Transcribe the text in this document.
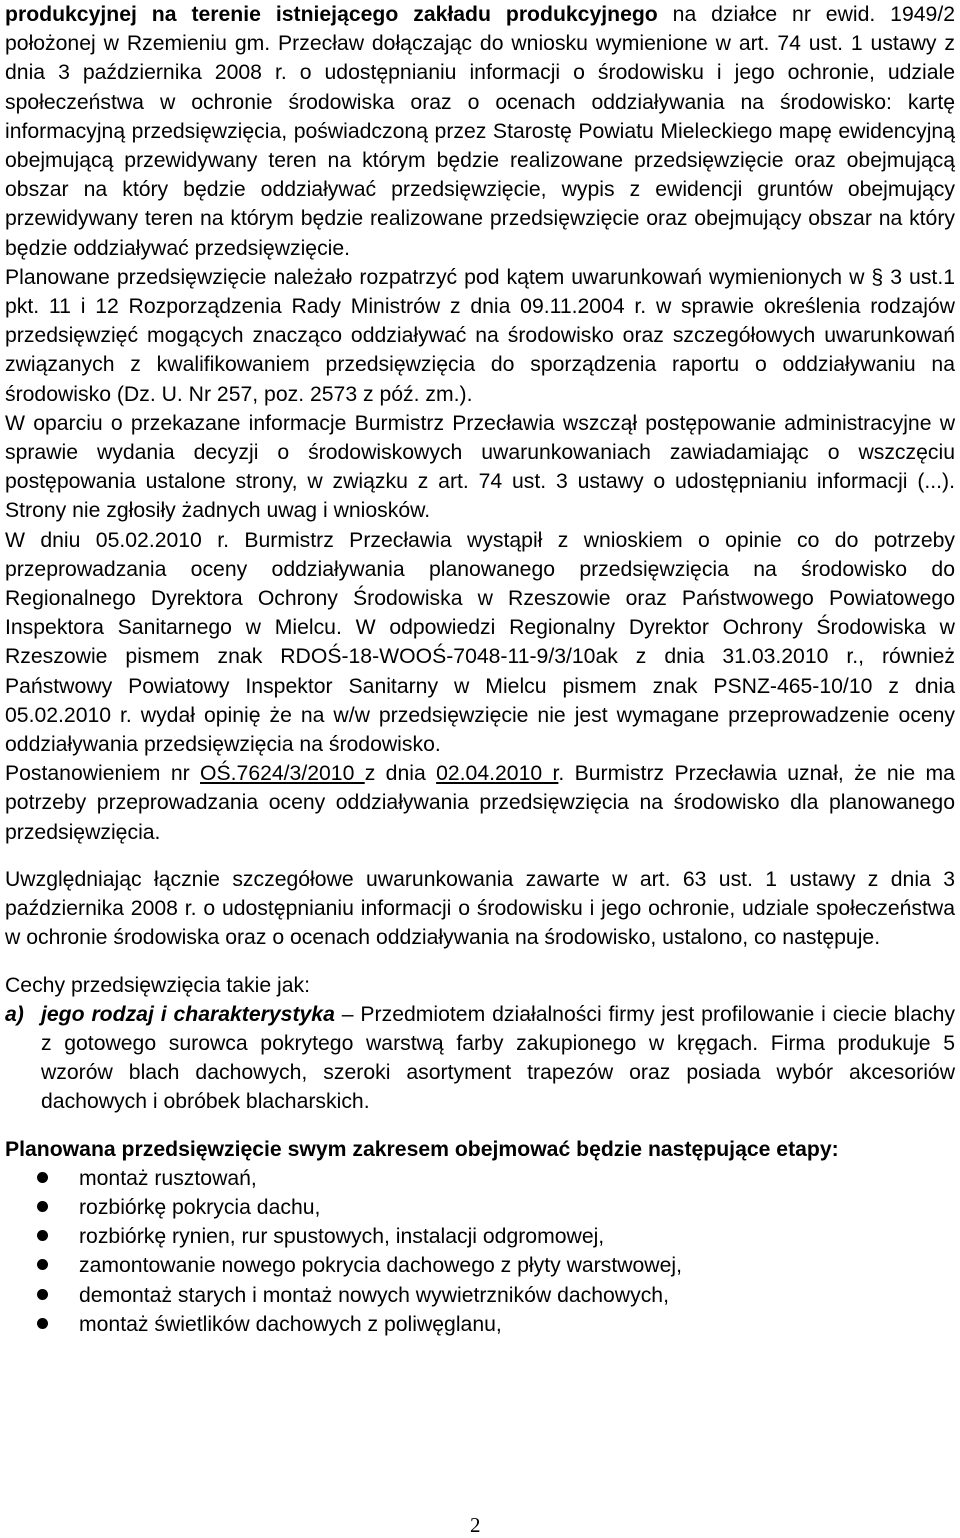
produkcyjnej na terenie istniejącego zakładu produkcyjnego na działce nr ewid. 1949/2 położonej w Rzemieniu gm. Przecław dołączając do wniosku wymienione w art. 74 ust. 1 ustawy z dnia 3 października 2008 r. o udostępnianiu informacji o środowisku i jego ochronie, udziale społeczeństwa w ochronie środowiska oraz o ocenach oddziaływania na środowisko: kartę informacyjną przedsięwzięcia, poświadczoną przez Starostę Powiatu Mieleckiego mapę ewidencyjną obejmującą przewidywany teren na którym będzie realizowane przedsięwzięcie oraz obejmującą obszar na który będzie oddziaływać przedsięwzięcie, wypis z ewidencji gruntów obejmujący przewidywany teren na którym będzie realizowane przedsięwzięcie oraz obejmujący obszar na który będzie oddziaływać przedsięwzięcie.

Planowane przedsięwzięcie należało rozpatrzyć pod kątem uwarunkowań wymienionych w § 3 ust.1 pkt. 11 i 12 Rozporządzenia Rady Ministrów z dnia 09.11.2004 r. w sprawie określenia rodzajów przedsięwzięć mogących znacząco oddziaływać na środowisko oraz szczegółowych uwarunkowań związanych z kwalifikowaniem przedsięwzięcia do sporządzenia raportu o oddziaływaniu na środowisko (Dz. U. Nr 257, poz. 2573 z póź. zm.).

W oparciu o przekazane informacje Burmistrz Przecławia wszczął postępowanie administracyjne w sprawie wydania decyzji o środowiskowych uwarunkowaniach zawiadamiając o wszczęciu postępowania ustalone strony, w związku z art. 74 ust. 3 ustawy o udostępnianiu informacji (...). Strony nie zgłosiły żadnych uwag i wniosków.

W dniu 05.02.2010 r. Burmistrz Przecławia wystąpił z wnioskiem o opinie co do potrzeby przeprowadzania oceny oddziaływania planowanego przedsięwzięcia na środowisko do Regionalnego Dyrektora Ochrony Środowiska w Rzeszowie oraz Państwowego Powiatowego Inspektora Sanitarnego w Mielcu. W odpowiedzi Regionalny Dyrektor Ochrony Środowiska w Rzeszowie pismem znak RDOŚ-18-WOOŚ-7048-11-9/3/10ak z dnia 31.03.2010 r., również Państwowy Powiatowy Inspektor Sanitarny w Mielcu pismem znak PSNZ-465-10/10 z dnia 05.02.2010 r. wydał opinię że na w/w przedsięwzięcie nie jest wymagane przeprowadzenie oceny oddziaływania przedsięwzięcia na środowisko.

Postanowieniem nr OŚ.7624/3/2010 z dnia 02.04.2010 r. Burmistrz Przecławia uznał, że nie ma potrzeby przeprowadzania oceny oddziaływania przedsięwzięcia na środowisko dla planowanego przedsięwzięcia.

Uwzględniając łącznie szczegółowe uwarunkowania zawarte w art. 63 ust. 1 ustawy z dnia 3 października 2008 r. o udostępnianiu informacji o środowisku i jego ochronie, udziale społeczeństwa w ochronie środowiska oraz o ocenach oddziaływania na środowisko, ustalono, co następuje.

Cechy przedsięwzięcia takie jak:

a) jego rodzaj i charakterystyka – Przedmiotem działalności firmy jest profilowanie i ciecie blachy z gotowego surowca pokrytego warstwą farby zakupionego w kręgach. Firma produkuje 5 wzorów blach dachowych, szeroki asortyment trapezów oraz posiada wybór akcesoriów dachowych i obróbek blacharskich.

Planowana przedsięwzięcie swym zakresem obejmować będzie następujące etapy:

montaż rusztowań,
rozbiórkę pokrycia dachu,
rozbiórkę rynien, rur spustowych, instalacji odgromowej,
zamontowanie nowego pokrycia dachowego z płyty warstwowej,
demontaż starych i montaż nowych wywietrzników dachowych,
montaż świetlików dachowych z poliwęglanu,
2
